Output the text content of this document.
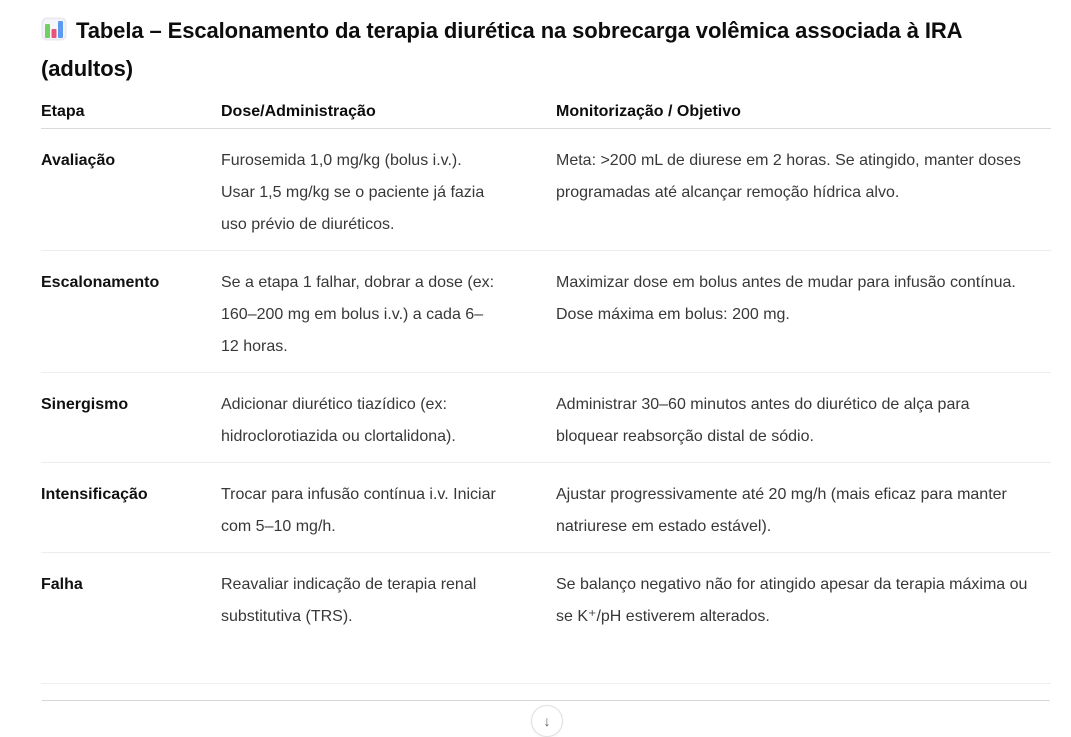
Tabela – Escalonamento da terapia diurética na sobrecarga volêmica associada à IRA (adultos)
Etapa	Dose/Administração	Monitorização / Objetivo
Avaliação	Furosemida 1,0 mg/kg (bolus i.v.). Usar 1,5 mg/kg se o paciente já fazia uso prévio de diuréticos.	Meta: >200 mL de diurese em 2 horas. Se atingido, manter doses programadas até alcançar remoção hídrica alvo.
Escalonamento	Se a etapa 1 falhar, dobrar a dose (ex: 160–200 mg em bolus i.v.) a cada 6–12 horas.	Maximizar dose em bolus antes de mudar para infusão contínua. Dose máxima em bolus: 200 mg.
Sinergismo	Adicionar diurético tiazídico (ex: hidroclorotiazida ou clortalidona).	Administrar 30–60 minutos antes do diurético de alça para bloquear reabsorção distal de sódio.
Intensificação	Trocar para infusão contínua i.v. Iniciar com 5–10 mg/h.	Ajustar progressivamente até 20 mg/h (mais eficaz para manter natriurese em estado estável).
Falha	Reavaliar indicação de terapia renal substitutiva (TRS).	Se balanço negativo não for atingido apesar da terapia máxima ou se K⁺/pH estiverem alterados.
↓
